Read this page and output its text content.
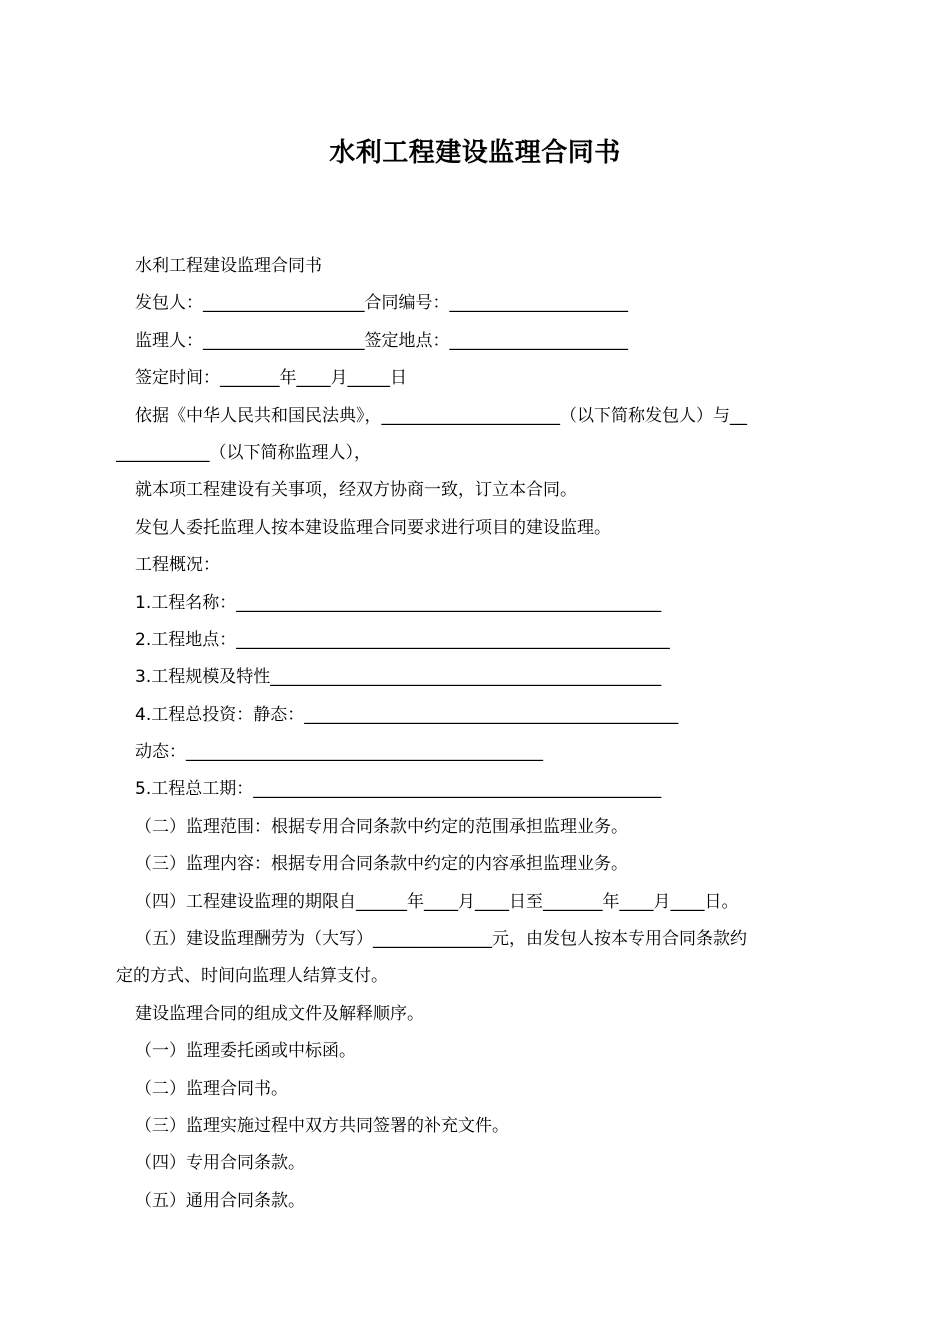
水利工程建设监理合同书
水利工程建设监理合同书
发包人：___________________合同编号：_____________________
监理人：___________________签定地点：_____________________
签定时间：_______年____月_____日
依据《中华人民共和国民法典》，_____________________（以下简称发包人）与__
___________（以下简称监理人），
就本项工程建设有关事项，经双方协商一致，订立本合同。
发包人委托监理人按本建设监理合同要求进行项目的建设监理。
工程概况：
1.工程名称：__________________________________________________
2.工程地点：___________________________________________________
3.工程规模及特性______________________________________________
4.工程总投资：静态：____________________________________________
动态：__________________________________________
5.工程总工期：________________________________________________
（二）监理范围：根据专用合同条款中约定的范围承担监理业务。
（三）监理内容：根据专用合同条款中约定的内容承担监理业务。
（四）工程建设监理的期限自______年____月____日至_______年____月____日。
（五）建设监理酬劳为（大写）______________元，由发包人按本专用合同条款约
定的方式、时间向监理人结算支付。
建设监理合同的组成文件及解释顺序。
（一）监理委托函或中标函。
（二）监理合同书。
（三）监理实施过程中双方共同签署的补充文件。
（四）专用合同条款。
（五）通用合同条款。
